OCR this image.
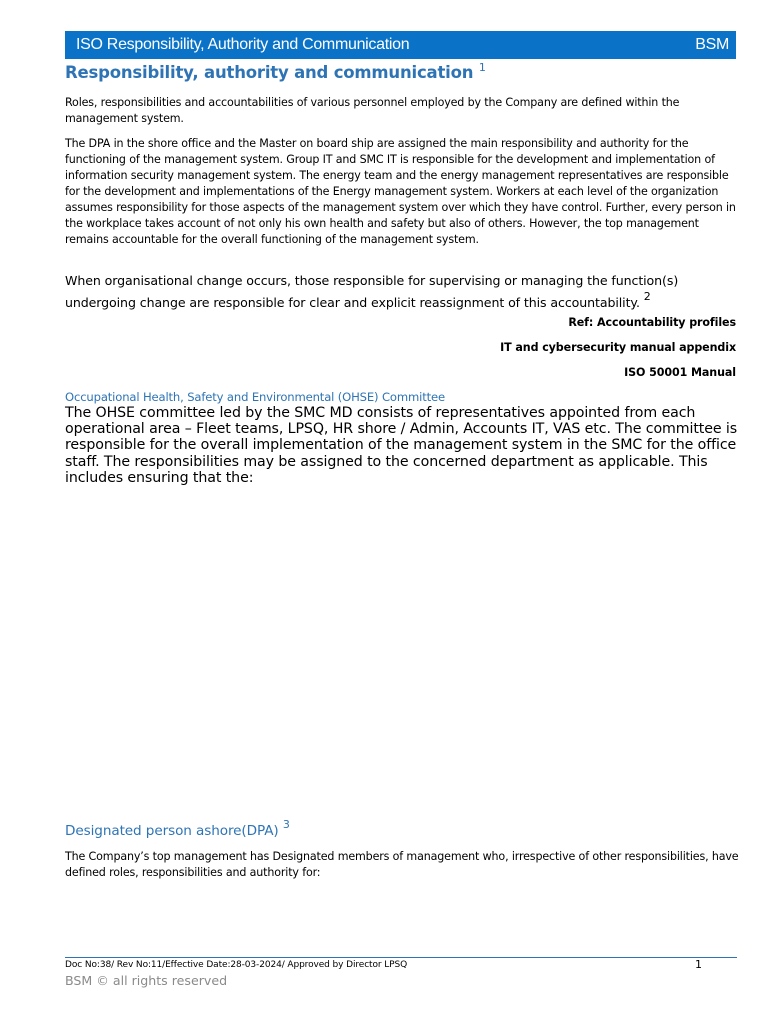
ISO Responsibility, Authority and Communication	BSM
Responsibility, authority and communication $^1$

Roles, responsibilities and accountabilities of various personnel employed by the Company are defined within the management system.

The DPA in the shore office and the Master on board ship are assigned the main responsibility and authority for the functioning of the management system. Group IT and SMC IT is responsible for the development and implementation of information security management system. The energy team and the energy management representatives are responsible for the development and implementations of the Energy management system. Workers at each level of the organization assumes responsibility for those aspects of the management system over which they have control. Further, every person in the workplace takes account of not only his own health and safety but also of others. However, the top management remains accountable for the overall functioning of the management system.

When organisational change occurs, those responsible for supervising or managing the function(s) undergoing change are responsible for clear and explicit reassignment of this accountability. $^2$

Ref: Accountability profiles

IT and cybersecurity manual appendix

ISO 50001 Manual

Occupational Health, Safety and Environmental (OHSE) Committee

The OHSE committee led by the SMC MD consists of representatives appointed from each operational area – Fleet teams, LPSQ, HR shore / Admin, Accounts IT, VAS etc. The committee is responsible for the overall implementation of the management system in the SMC for the office staff. The responsibilities may be assigned to the concerned department as applicable. This includes ensuring that the:

Designated person ashore(DPA) $^3$

The Company’s top management has Designated members of management who, irrespective of other responsibilities, have defined roles, responsibilities and authority for:

Doc No:38/ Rev No:11/Effective Date:28-03-2024/ Approved by Director LPSQ	1
BSM © all rights reserved
